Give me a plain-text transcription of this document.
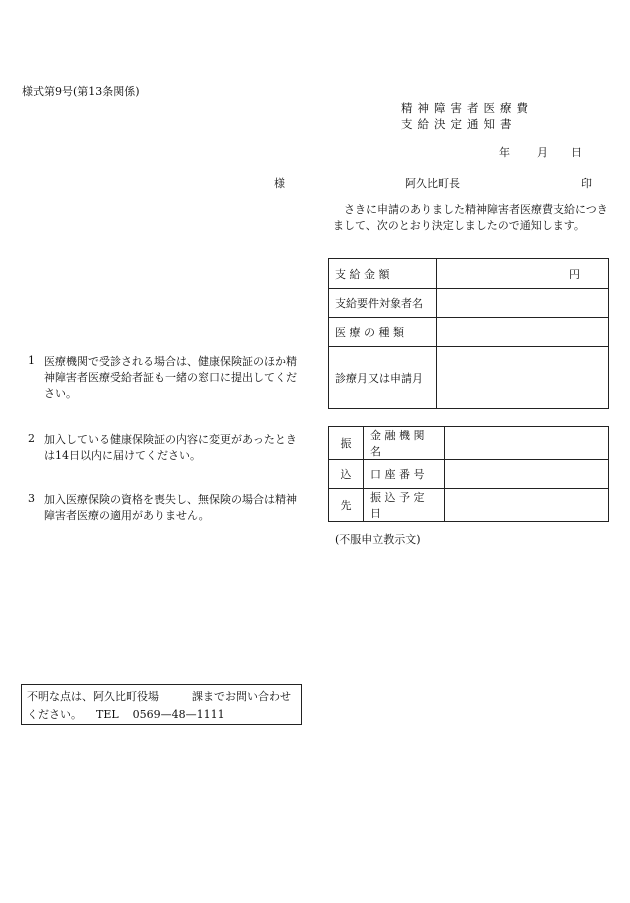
様式第9号(第13条関係)
精神障害者医療費
支給決定通知書
年 月 日
様	阿久比町長	印
さきに申請のありました精神障害者医療費支給につきまして、次のとおり決定しましたので通知します。
支 給 金 額	円
支給要件対象者名	
医 療 の 種 類	
診療月又は申請月	
振	金 融 機 関 名	
込	口 座 番 号	
先	振 込 予 定 日	
(不服申立教示文)
1 医療機関で受診される場合は、健康保険証のほか精神障害者医療受給者証も一緒の窓口に提出してください。
2 加入している健康保険証の内容に変更があったときは14日以内に届けてください。
3 加入医療保険の資格を喪失し、無保険の場合は精神障害者医療の適用がありません。
不明な点は、阿久比町役場　　　課までお問い合わせください。 TEL 0569—48—1111
